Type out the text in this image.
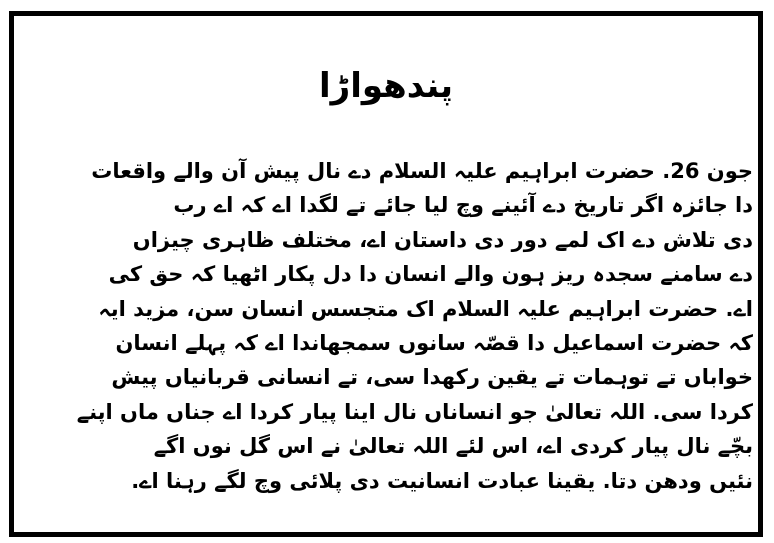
پندھواڑا
جون 26. حضرت ابراہیم علیہ السلام دے نال پیش آن والے واقعات
دا جائزہ اگر تاریخ دے آئینے وچ لیا جائے تے لگدا اے کہ اے رب
دی تلاش دے اک لمے دور دی داستان اے، مختلف ظاہری چیزاں
دے سامنے سجدہ ریز ہون والے انسان دا دل پکار اٹھیا کہ حق کی
اے. حضرت ابراہیم علیہ السلام اک متجسس انسان سن، مزید ایہ
کہ حضرت اسماعیل دا قصّہ سانوں سمجھاندا اے کہ پہلے انسان
خواباں تے توہمات تے یقین رکھدا سی، تے انسانی قربانیاں پیش
کردا سی. اللہ تعالیٰ جو انساناں نال اینا پیار کردا اے جناں ماں اپنے
بچّے نال پیار کردی اے، اس لئے اللہ تعالیٰ نے اس گل نوں اگے
نئیں ودھن دتا. یقینا عبادت انسانیت دی پلائی وچ لگے رہنا اے.
